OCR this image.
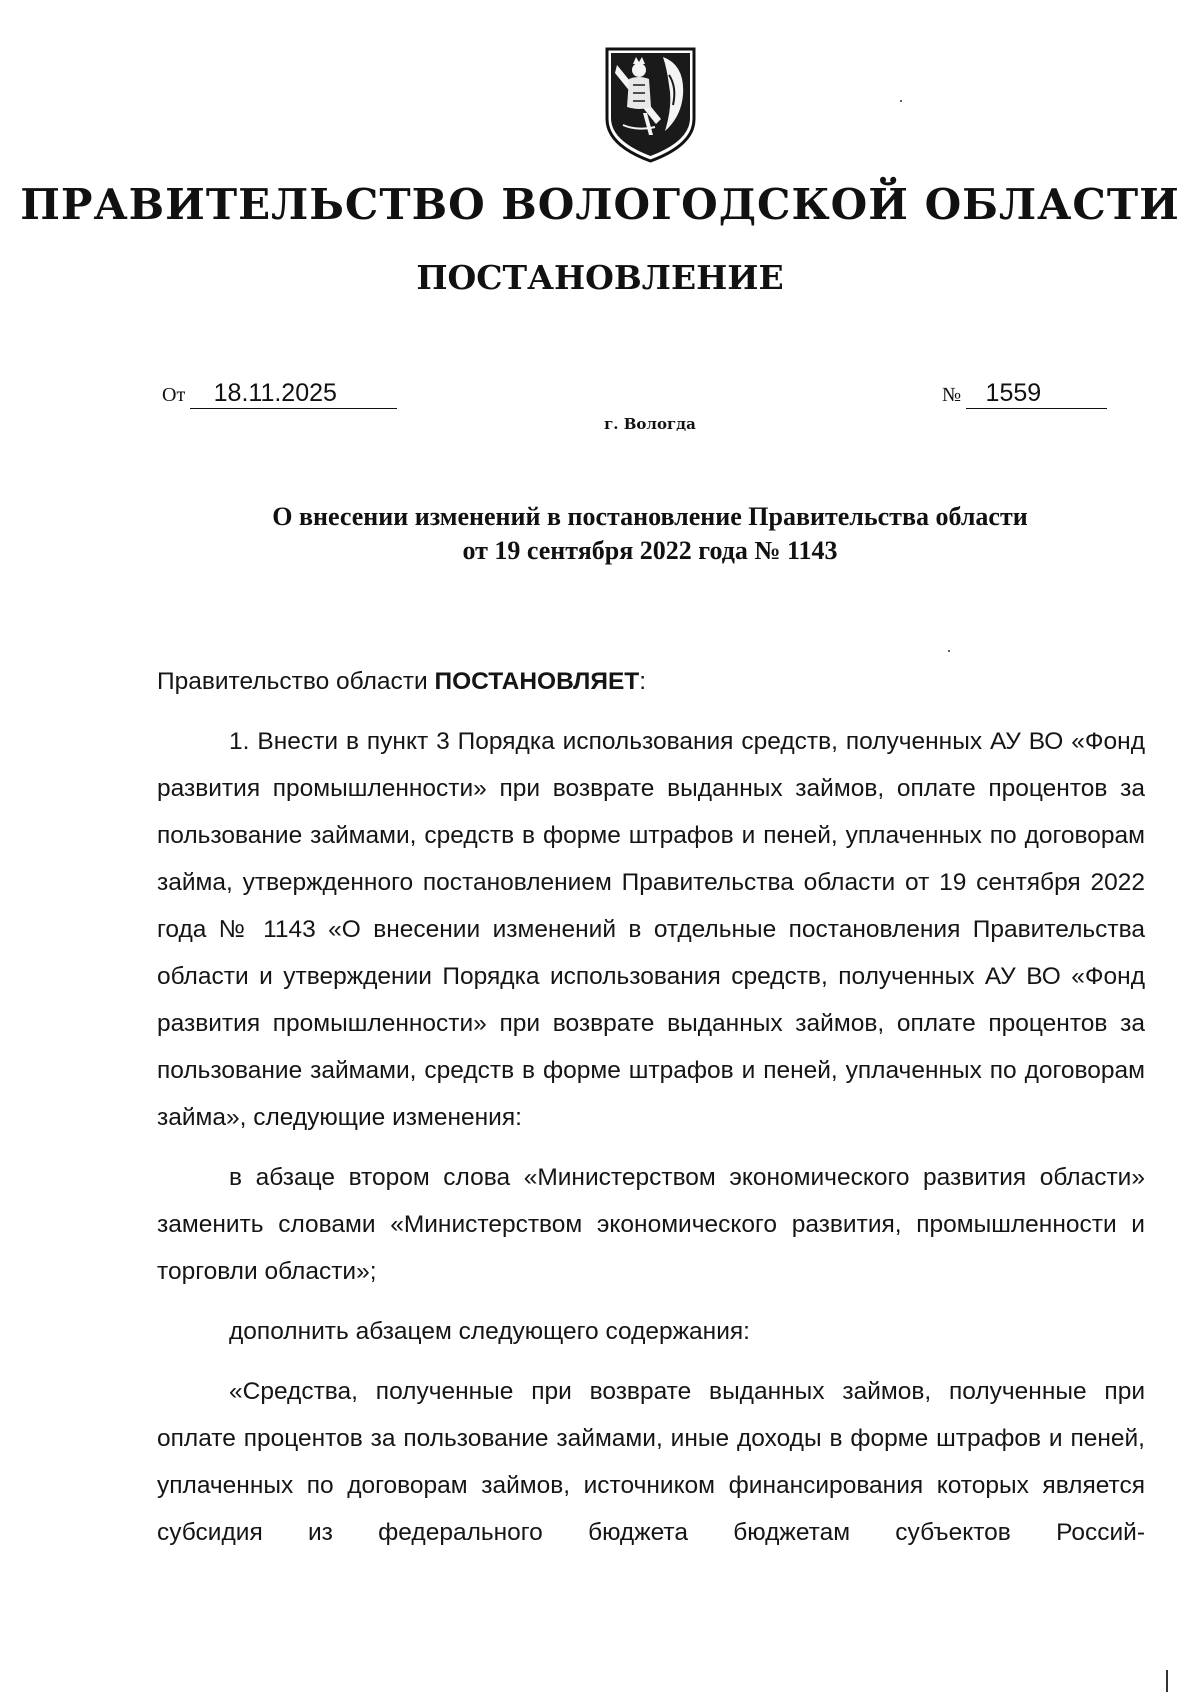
ПРАВИТЕЛЬСТВО ВОЛОГОДСКОЙ ОБЛАСТИ
ПОСТАНОВЛЕНИЕ
От 18.11.2025	№ 1559

г. Вологда

О внесении изменений в постановление Правительства области
от 19 сентября 2022 года № 1143

Правительство области ПОСТАНОВЛЯЕТ:

1. Внести в пункт 3 Порядка использования средств, полученных АУ ВО «Фонд развития промышленности» при возврате выданных займов, оплате процентов за пользование займами, средств в форме штрафов и пеней, уплаченных по договорам займа, утвержденного постановлением Правительства области от 19 сентября 2022 года № 1143 «О внесении изменений в отдельные постановления Правительства области и утверждении Порядка использования средств, полученных АУ ВО «Фонд развития промышленности» при возврате выданных займов, оплате процентов за пользование займами, средств в форме штрафов и пеней, уплаченных по договорам займа», следующие изменения:

в абзаце втором слова «Министерством экономического развития области» заменить словами «Министерством экономического развития, промышленности и торговли области»;

дополнить абзацем следующего содержания:

«Средства, полученные при возврате выданных займов, полученные при оплате процентов за пользование займами, иные доходы в форме штрафов и пеней, уплаченных по договорам займов, источником финансирования которых является субсидия из федерального бюджета бюджетам субъектов Россий-
